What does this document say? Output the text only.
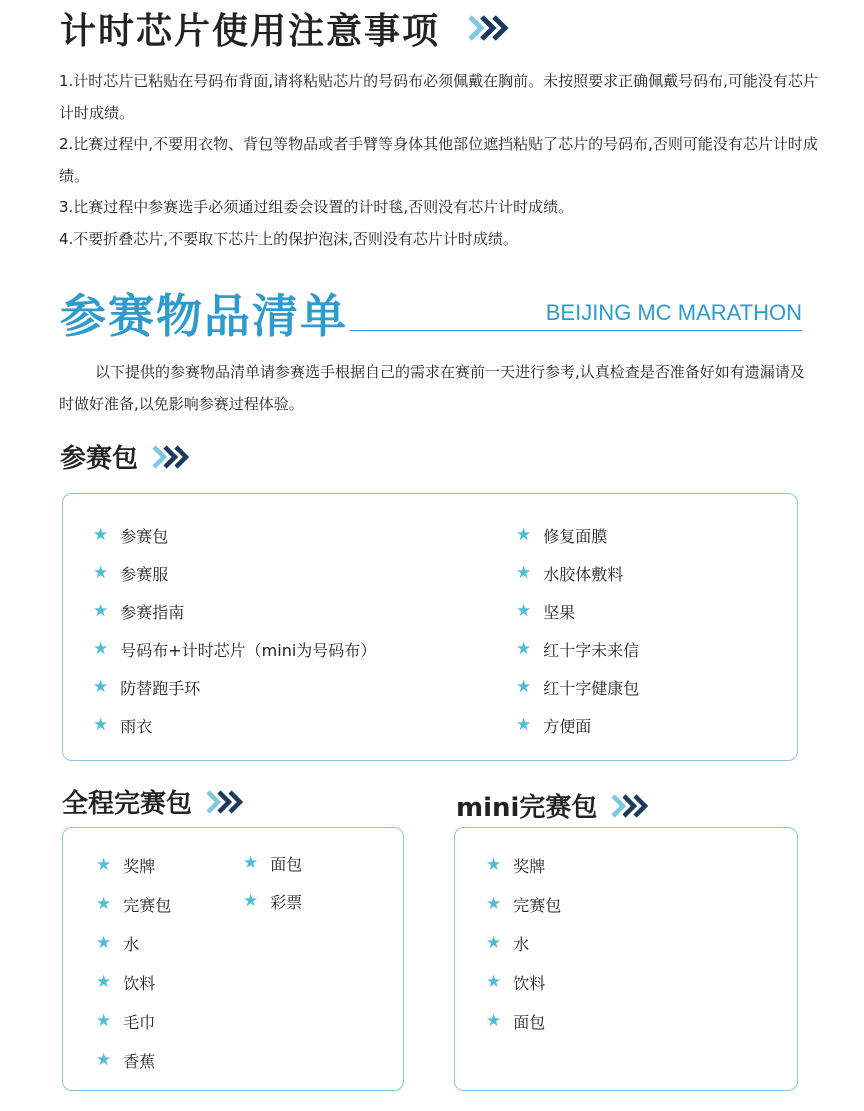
计时芯片使用注意事项

1.计时芯片已粘贴在号码布背面,请将粘贴芯片的号码布必须佩戴在胸前。未按照要求正确佩戴号码布,可能没有芯片计时成绩。

2.比赛过程中,不要用衣物、背包等物品或者手臂等身体其他部位遮挡粘贴了芯片的号码布,否则可能没有芯片计时成绩。

3.比赛过程中参赛选手必须通过组委会设置的计时毯,否则没有芯片计时成绩。

4.不要折叠芯片,不要取下芯片上的保护泡沫,否则没有芯片计时成绩。

参赛物品清单	BEIJING MC MARATHON

以下提供的参赛物品清单请参赛选手根据自己的需求在赛前一天进行参考,认真检查是否准备好如有遗漏请及时做好准备,以免影响参赛过程体验。

参赛包
★ 参赛包
★ 参赛服
★ 参赛指南
★ 号码布+计时芯片（mini为号码布）
★ 防替跑手环
★ 雨衣
★ 修复面膜
★ 水胶体敷料
★ 坚果
★ 红十字未来信
★ 红十字健康包
★ 方便面
全程完赛包
★ 奖牌
★ 完赛包
★ 水
★ 饮料
★ 毛巾
★ 香蕉
★ 面包
★ 彩票
mini完赛包
★ 奖牌
★ 完赛包
★ 水
★ 饮料
★ 面包
